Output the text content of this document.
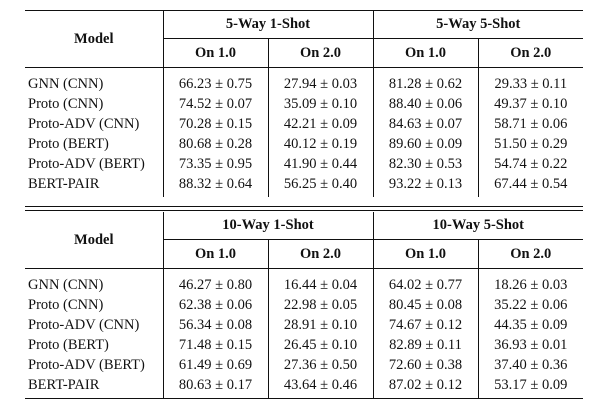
Model	5-Way 1-Shot		5-Way 5-Shot	
	On 1.0	On 2.0	On 1.0	On 2.0
GNN (CNN)	66.23 ± 0.75	27.94 ± 0.03	81.28 ± 0.62	29.33 ± 0.11
Proto (CNN)	74.52 ± 0.07	35.09 ± 0.10	88.40 ± 0.06	49.37 ± 0.10
Proto-ADV (CNN)	70.28 ± 0.15	42.21 ± 0.09	84.63 ± 0.07	58.71 ± 0.06
Proto (BERT)	80.68 ± 0.28	40.12 ± 0.19	89.60 ± 0.09	51.50 ± 0.29
Proto-ADV (BERT)	73.35 ± 0.95	41.90 ± 0.44	82.30 ± 0.53	54.74 ± 0.22
BERT-PAIR	88.32 ± 0.64	56.25 ± 0.40	93.22 ± 0.13	67.44 ± 0.54
Model	10-Way 1-Shot		10-Way 5-Shot	
	On 1.0	On 2.0	On 1.0	On 2.0
GNN (CNN)	46.27 ± 0.80	16.44 ± 0.04	64.02 ± 0.77	18.26 ± 0.03
Proto (CNN)	62.38 ± 0.06	22.98 ± 0.05	80.45 ± 0.08	35.22 ± 0.06
Proto-ADV (CNN)	56.34 ± 0.08	28.91 ± 0.10	74.67 ± 0.12	44.35 ± 0.09
Proto (BERT)	71.48 ± 0.15	26.45 ± 0.10	82.89 ± 0.11	36.93 ± 0.01
Proto-ADV (BERT)	61.49 ± 0.69	27.36 ± 0.50	72.60 ± 0.38	37.40 ± 0.36
BERT-PAIR	80.63 ± 0.17	43.64 ± 0.46	87.02 ± 0.12	53.17 ± 0.09
